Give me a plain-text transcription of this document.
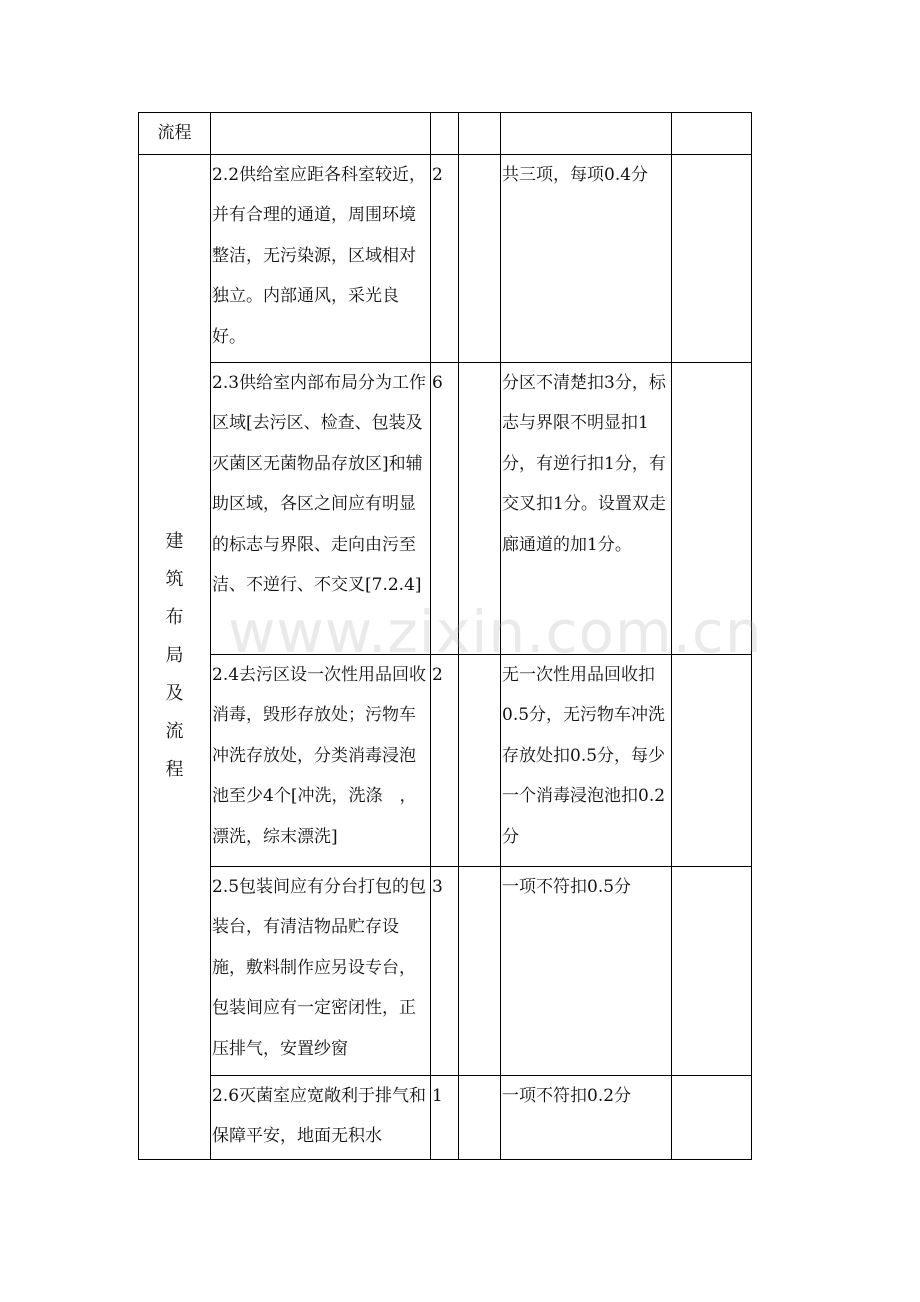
流程					
建筑布局及流程	2.2供给室应距各科室较近，并有合理的通道，周围环境整洁，无污染源，区域相对独立。内部通风，采光良好。	2		共三项，每项0.4分	
	2.3供给室内部布局分为工作区域[去污区、检查、包装及灭菌区无菌物品存放区]和辅助区域，各区之间应有明显的标志与界限、走向由污至洁、不逆行、不交叉[7.2.4]	6		分区不清楚扣3分，标志与界限不明显扣1分，有逆行扣1分，有交叉扣1分。设置双走廊通道的加1分。	
	2.4去污区设一次性用品回收消毒，毁形存放处；污物车冲洗存放处，分类消毒浸泡池至少4个[冲洗，洗涤　，漂洗，综末漂洗]	2		无一次性用品回收扣0.5分，无污物车冲洗存放处扣0.5分，每少一个消毒浸泡池扣0.2分	
	2.5包装间应有分台打包的包装台，有清洁物品贮存设施，敷料制作应另设专台，包装间应有一定密闭性，正压排气，安置纱窗	3		一项不符扣0.5分	
	2.6灭菌室应宽敞利于排气和保障平安，地面无积水	1		一项不符扣0.2分	
www.zixin.com.cn
